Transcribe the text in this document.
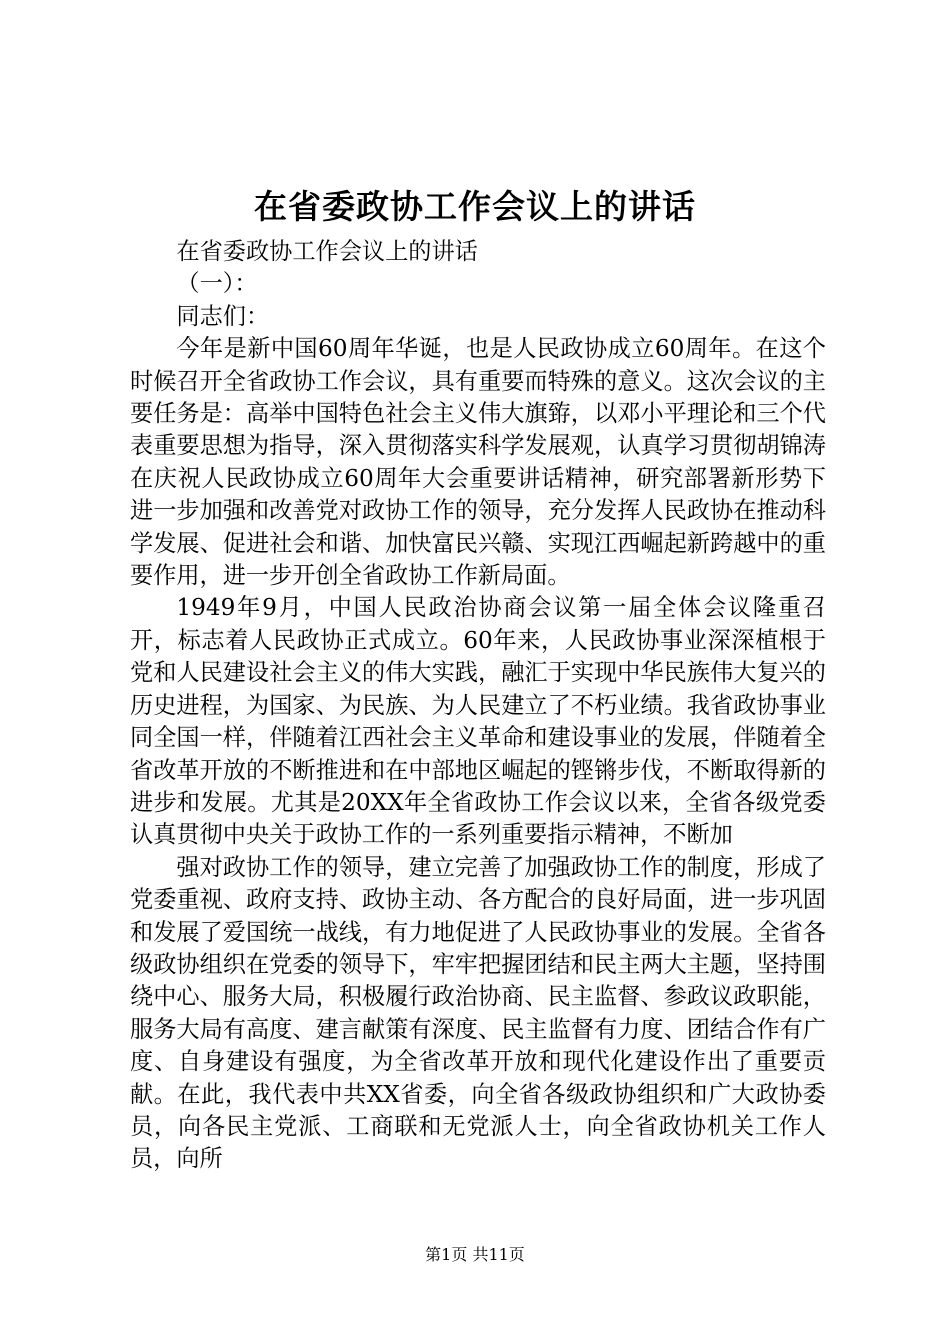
在省委政协工作会议上的讲话

在省委政协工作会议上的讲话

（一）：

同志们：

今年是新中国60周年华诞，也是人民政协成立60周年。在这个时候召开全省政协工作会议，具有重要而特殊的意义。这次会议的主要任务是：高举中国特色社会主义伟大旗臶，以邓小平理论和三个代表重要思想为指导，深入贯彻落实科学发展观，认真学习贯彻胡锦涛在庆祝人民政协成立60周年大会重要讲话精神，研究部署新形势下进一步加强和改善党对政协工作的领导，充分发挥人民政协在推动科学发展、促进社会和谐、加快富民兴赣、实现江西崛起新跨越中的重要作用，进一步开创全省政协工作新局面。

1949年9月，中国人民政治协商会议第一届全体会议隆重召开，标志着人民政协正式成立。60年来，人民政协事业深深植根于党和人民建设社会主义的伟大实践，融汇于实现中华民族伟大复兴的历史进程，为国家、为民族、为人民建立了不朽业绩。我省政协事业同全国一样，伴随着江西社会主义革命和建设事业的发展，伴随着全省改革开放的不断推进和在中部地区崛起的铿锵步伐，不断取得新的进步和发展。尤其是20XX年全省政协工作会议以来，全省各级党委认真贯彻中央关于政协工作的一系列重要指示精神，不断加

强对政协工作的领导，建立完善了加强政协工作的制度，形成了党委重视、政府支持、政协主动、各方配合的良好局面，进一步巩固和发展了爱国统一战线，有力地促进了人民政协事业的发展。全省各级政协组织在党委的领导下，牢牢把握团结和民主两大主题，坚持围绕中心、服务大局，积极履行政治协商、民主监督、参政议政职能，服务大局有高度、建言献策有深度、民主监督有力度、团结合作有广度、自身建设有强度，为全省改革开放和现代化建设作出了重要贡献。在此，我代表中共XX省委，向全省各级政协组织和广大政协委员，向各民主党派、工商联和无党派人士，向全省政协机关工作人员，向所

第1页 共11页
